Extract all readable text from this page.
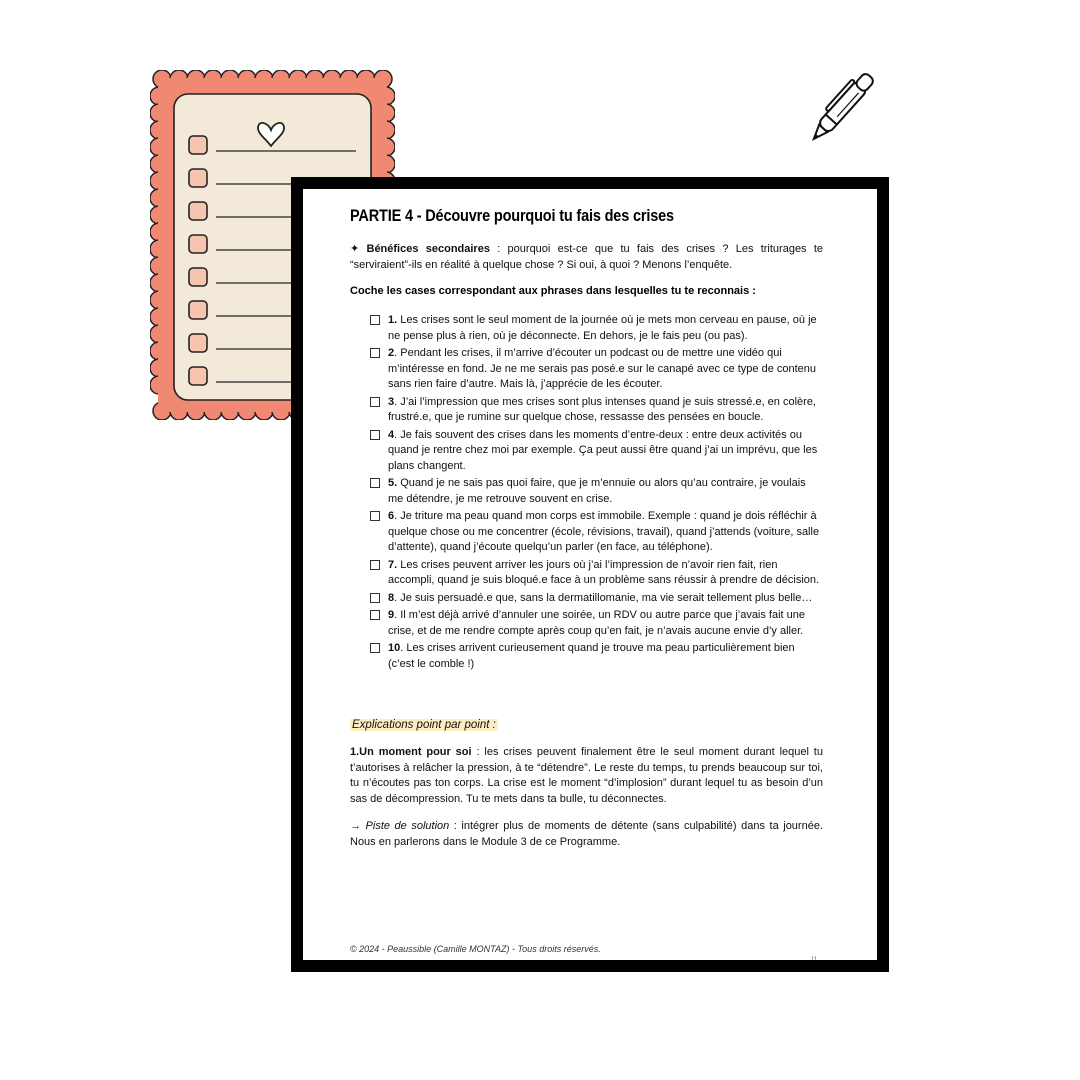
PARTIE 4 - Découvre pourquoi tu fais des crises

✦ Bénéfices secondaires : pourquoi est-ce que tu fais des crises ? Les triturages te “serviraient”-ils en réalité à quelque chose ? Si oui, à quoi ? Menons l’enquête.

Coche les cases correspondant aux phrases dans lesquelles tu te reconnais :

1. Les crises sont le seul moment de la journée où je mets mon cerveau en pause, où je ne pense plus à rien, où je déconnecte. En dehors, je le fais peu (ou pas).
2. Pendant les crises, il m’arrive d’écouter un podcast ou de mettre une vidéo qui m’intéresse en fond. Je ne me serais pas posé.e sur le canapé avec ce type de contenu sans rien faire d’autre. Mais là, j’apprécie de les écouter.
3. J’ai l’impression que mes crises sont plus intenses quand je suis stressé.e, en colère, frustré.e, que je rumine sur quelque chose, ressasse des pensées en boucle.
4. Je fais souvent des crises dans les moments d’entre-deux : entre deux activités ou quand je rentre chez moi par exemple. Ça peut aussi être quand j’ai un imprévu, que les plans changent.
5. Quand je ne sais pas quoi faire, que je m’ennuie ou alors qu’au contraire, je voulais me détendre, je me retrouve souvent en crise.
6. Je triture ma peau quand mon corps est immobile. Exemple : quand je dois réfléchir à quelque chose ou me concentrer (école, révisions, travail), quand j’attends (voiture, salle d’attente), quand j’écoute quelqu’un parler (en face, au téléphone).
7. Les crises peuvent arriver les jours où j’ai l’impression de n’avoir rien fait, rien accompli, quand je suis bloqué.e face à un problème sans réussir à prendre de décision.
8. Je suis persuadé.e que, sans la dermatillomanie, ma vie serait tellement plus belle…
9. Il m’est déjà arrivé d’annuler une soirée, un RDV ou autre parce que j’avais fait une crise, et de me rendre compte après coup qu’en fait, je n’avais aucune envie d’y aller.
10. Les crises arrivent curieusement quand je trouve ma peau particulièrement bien (c’est le comble !)
Explications point par point :

1.Un moment pour soi : les crises peuvent finalement être le seul moment durant lequel tu t’autorises à relâcher la pression, à te “détendre”. Le reste du temps, tu prends beaucoup sur toi, tu n’écoutes pas ton corps. La crise est le moment “d’implosion” durant lequel tu as besoin d’un sas de décompression. Tu te mets dans ta bulle, tu déconnectes.

→ Piste de solution : intégrer plus de moments de détente (sans culpabilité) dans ta journée. Nous en parlerons dans le Module 3 de ce Programme.

© 2024 - Peaussible (Camille MONTAZ) - Tous droits réservés.
11
